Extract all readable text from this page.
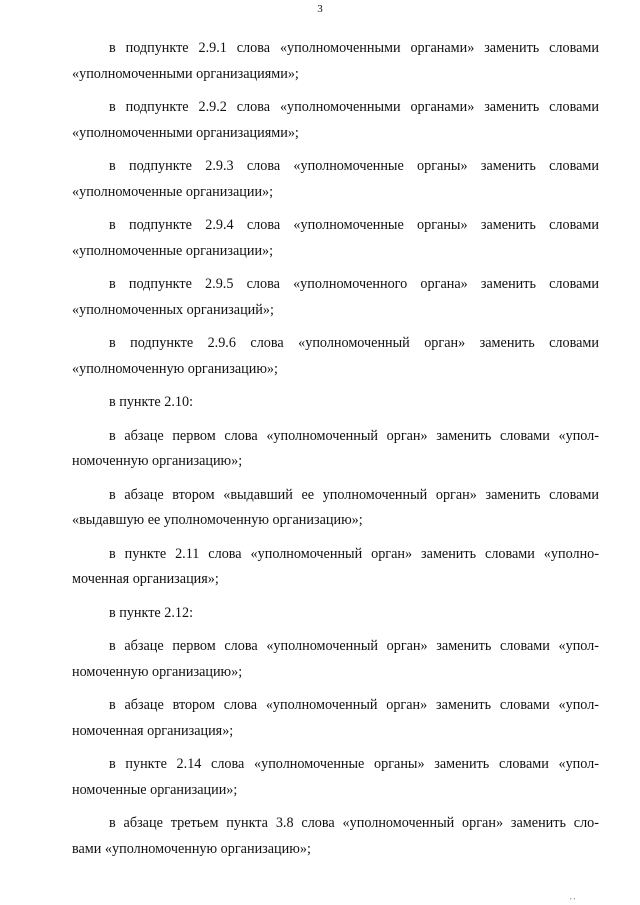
3

в подпункте 2.9.1 слова «уполномоченными органами» заменить словами
«уполномоченными организациями»;

в подпункте 2.9.2 слова «уполномоченными органами» заменить словами
«уполномоченными организациями»;

в подпункте 2.9.3 слова «уполномоченные органы» заменить словами
«уполномоченные организации»;

в подпункте 2.9.4 слова «уполномоченные органы» заменить словами
«уполномоченные организации»;

в подпункте 2.9.5 слова «уполномоченного органа» заменить словами
«уполномоченных организаций»;

в подпункте 2.9.6 слова «уполномоченный орган» заменить словами
«уполномоченную организацию»;

в пункте 2.10:

в абзаце первом слова «уполномоченный орган» заменить словами «упол-
номоченную организацию»;

в абзаце втором «выдавший ее уполномоченный орган» заменить словами
«выдавшую ее уполномоченную организацию»;

в пункте 2.11 слова «уполномоченный орган» заменить словами «уполно-
моченная организация»;

в пункте 2.12:

в абзаце первом слова «уполномоченный орган» заменить словами «упол-
номоченную организацию»;

в абзаце втором слова «уполномоченный орган» заменить словами «упол-
номоченная организация»;

в пункте 2.14 слова «уполномоченные органы» заменить словами «упол-
номоченные организации»;

в абзаце третьем пункта 3.8 слова «уполномоченный орган» заменить сло-
вами «уполномоченную организацию»;

, ,
